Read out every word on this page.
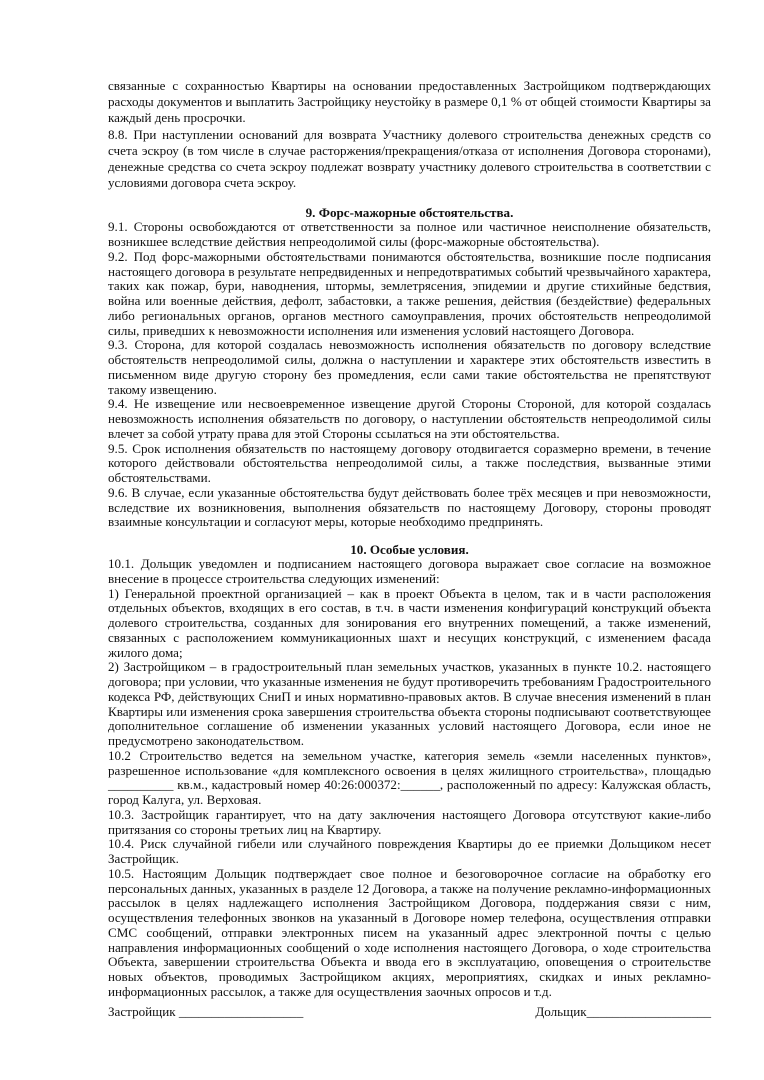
связанные с сохранностью Квартиры на основании предоставленных Застройщиком подтверждающих расходы документов и выплатить Застройщику неустойку в размере 0,1 % от общей стоимости Квартиры за каждый день просрочки.

8.8. При наступлении оснований для возврата Участнику долевого строительства денежных средств со счета эскроу (в том числе в случае расторжения/прекращения/отказа от исполнения Договора сторонами), денежные средства со счета эскроу подлежат возврату участнику долевого строительства в соответствии с условиями договора счета эскроу.

9. Форс-мажорные обстоятельства.

9.1. Стороны освобождаются от ответственности за полное или частичное неисполнение обязательств, возникшее вследствие действия непреодолимой силы (форс-мажорные обстоятельства).

9.2. Под форс-мажорными обстоятельствами понимаются обстоятельства, возникшие после подписания настоящего договора в результате непредвиденных и непредотвратимых событий чрезвычайного характера, таких как пожар, бури, наводнения, штормы, землетрясения, эпидемии и другие стихийные бедствия, война или военные действия, дефолт, забастовки, а также решения, действия (бездействие) федеральных либо региональных органов, органов местного самоуправления, прочих обстоятельств непреодолимой силы, приведших к невозможности исполнения или изменения условий настоящего Договора.

9.3. Сторона, для которой создалась невозможность исполнения обязательств по договору вследствие обстоятельств непреодолимой силы, должна о наступлении и характере этих обстоятельств известить в письменном виде другую сторону без промедления, если сами такие обстоятельства не препятствуют такому извещению.

9.4. Не извещение или несвоевременное извещение другой Стороны Стороной, для которой создалась невозможность исполнения обязательств по договору, о наступлении обстоятельств непреодолимой силы влечет за собой утрату права для этой Стороны ссылаться на эти обстоятельства.

9.5. Срок исполнения обязательств по настоящему договору отодвигается соразмерно времени, в течение которого действовали обстоятельства непреодолимой силы, а также последствия, вызванные этими обстоятельствами.

9.6. В случае, если указанные обстоятельства будут действовать более трёх месяцев и при невозможности, вследствие их возникновения, выполнения обязательств по настоящему Договору, стороны проводят взаимные консультации и согласуют меры, которые необходимо предпринять.

10. Особые условия.

10.1. Дольщик уведомлен и подписанием настоящего договора выражает свое согласие на возможное внесение в процессе строительства следующих изменений:

1) Генеральной проектной организацией – как в проект Объекта в целом, так и в части расположения отдельных объектов, входящих в его состав, в т.ч. в части изменения конфигураций конструкций объекта долевого строительства, созданных для зонирования его внутренних помещений, а также изменений, связанных с расположением коммуникационных шахт и несущих конструкций, с изменением фасада жилого дома;

2) Застройщиком – в градостроительный план земельных участков, указанных в пункте 10.2. настоящего договора; при условии, что указанные изменения не будут противоречить требованиям Градостроительного кодекса РФ, действующих СниП и иных нормативно-правовых актов. В случае внесения изменений в план Квартиры или изменения срока завершения строительства объекта стороны подписывают соответствующее дополнительное соглашение об изменении указанных условий настоящего Договора, если иное не предусмотрено законодательством.

10.2 Строительство ведется на земельном участке, категория земель «земли населенных пунктов», разрешенное использование «для комплексного освоения в целях жилищного строительства», площадью __________ кв.м., кадастровый номер 40:26:000372:______, расположенный по адресу: Калужская область, город Калуга, ул. Верховая.

10.3. Застройщик гарантирует, что на дату заключения настоящего Договора отсутствуют какие-либо притязания со стороны третьих лиц на Квартиру.

10.4. Риск случайной гибели или случайного повреждения Квартиры до ее приемки Дольщиком несет Застройщик.

10.5. Настоящим Дольщик подтверждает свое полное и безоговорочное согласие на обработку его персональных данных, указанных в разделе 12 Договора, а также на получение рекламно-информационных рассылок в целях надлежащего исполнения Застройщиком Договора, поддержания связи с ним, осуществления телефонных звонков на указанный в Договоре номер телефона, осуществления отправки СМС сообщений, отправки электронных писем на указанный адрес электронной почты с целью направления информационных сообщений о ходе исполнения настоящего Договора, о ходе строительства Объекта, завершении строительства Объекта и ввода его в эксплуатацию, оповещения о строительстве новых объектов, проводимых Застройщиком акциях, мероприятиях, скидках и иных рекламно-информационных рассылок, а также для осуществления заочных опросов и т.д.

Застройщик ___________________	Дольщик___________________
